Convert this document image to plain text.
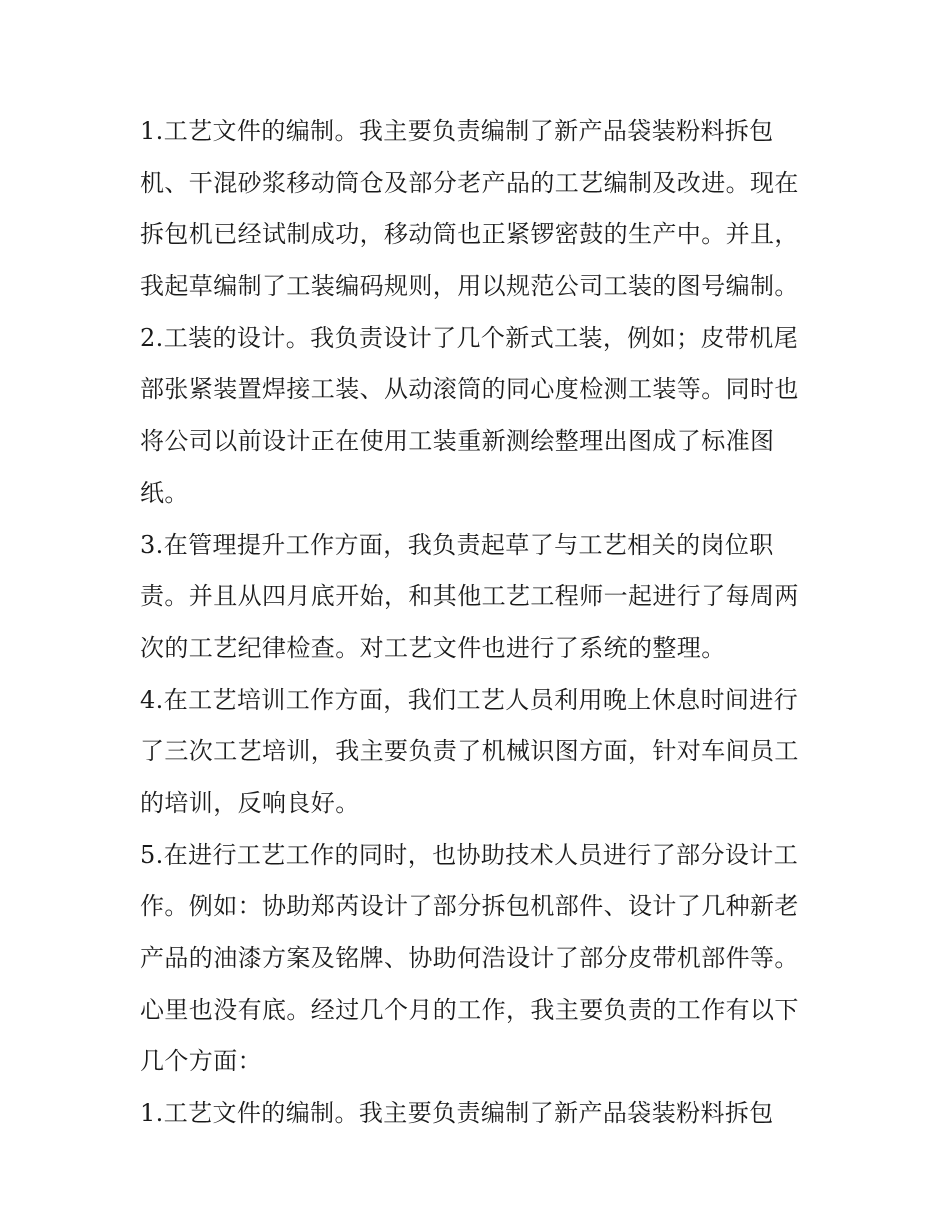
1.工艺文件的编制。我主要负责编制了新产品袋装粉料拆包
机、干混砂浆移动筒仓及部分老产品的工艺编制及改进。现在
拆包机已经试制成功，移动筒也正紧锣密鼓的生产中。并且，
我起草编制了工装编码规则，用以规范公司工装的图号编制。
2.工装的设计。我负责设计了几个新式工装，例如；皮带机尾
部张紧装置焊接工装、从动滚筒的同心度检测工装等。同时也
将公司以前设计正在使用工装重新测绘整理出图成了标准图
纸。
3.在管理提升工作方面，我负责起草了与工艺相关的岗位职
责。并且从四月底开始，和其他工艺工程师一起进行了每周两
次的工艺纪律检查。对工艺文件也进行了系统的整理。
4.在工艺培训工作方面，我们工艺人员利用晚上休息时间进行
了三次工艺培训，我主要负责了机械识图方面，针对车间员工
的培训，反响良好。
5.在进行工艺工作的同时，也协助技术人员进行了部分设计工
作。例如：协助郑芮设计了部分拆包机部件、设计了几种新老
产品的油漆方案及铭牌、协助何浩设计了部分皮带机部件等。
心里也没有底。经过几个月的工作，我主要负责的工作有以下
几个方面：
1.工艺文件的编制。我主要负责编制了新产品袋装粉料拆包
